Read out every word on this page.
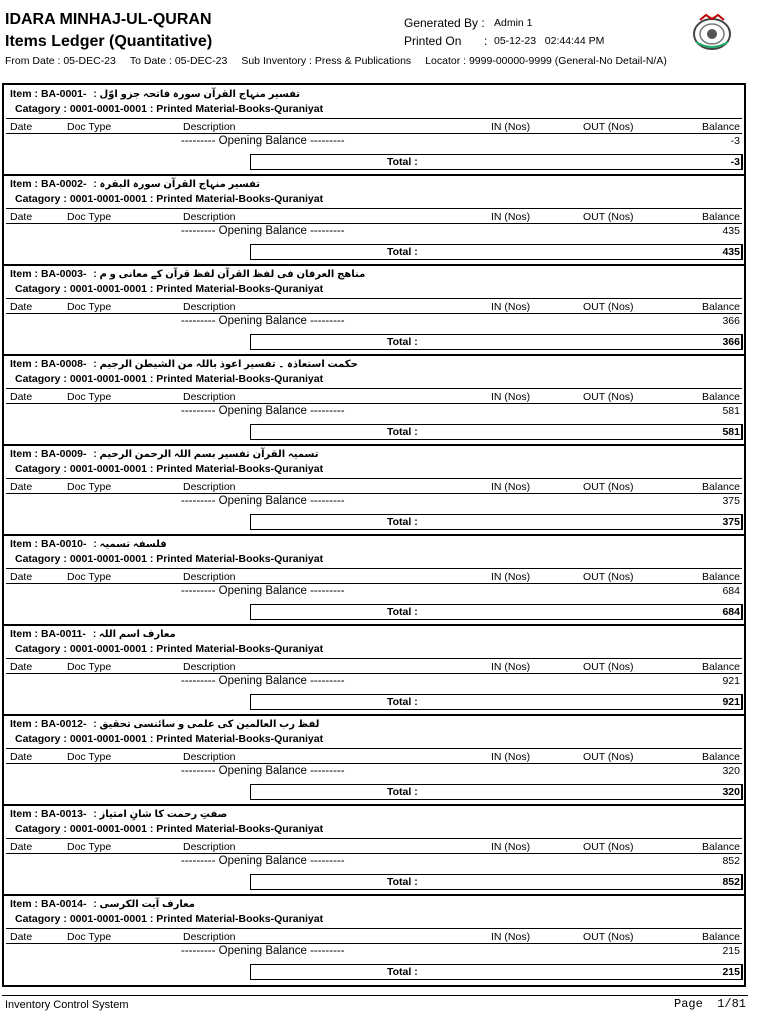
IDARA MINHAJ-UL-QURAN
Items Ledger (Quantitative)
Generated By : Admin 1
Printed On : 05-12-23   02:44:44 PM
From Date : 05-DEC-23 To Date : 05-DEC-23 Sub Inventory : Press & Publications Locator : 9999-00000-9999 (General-No Detail-N/A)
Item : BA-0001- تفسیر منہاج القرآن سورہ فاتحہ جزو اوّل :
Catagory : 0001-0001-0001 : Printed Material-Books-Quraniyat
Date	Doc Type	Description	IN (Nos)	OUT (Nos)	Balance
--------- Opening Balance ---------	-3
Total :	-3
Item : BA-0002- تفسیر منہاج القرآن سورہ البقرہ :
Catagory : 0001-0001-0001 : Printed Material-Books-Quraniyat
Date	Doc Type	Description	IN (Nos)	OUT (Nos)	Balance
--------- Opening Balance ---------	435
Total :	435
Item : BA-0003- مناھج العرفان فی لفظ القرآن لفظ قرآن کے معانی و م :
Catagory : 0001-0001-0001 : Printed Material-Books-Quraniyat
Date	Doc Type	Description	IN (Nos)	OUT (Nos)	Balance
--------- Opening Balance ---------	366
Total :	366
Item : BA-0008- حکمت استعاذہ ۔ تفسیر اعوذ باللہ من الشیطن الرجیم :
Catagory : 0001-0001-0001 : Printed Material-Books-Quraniyat
Date	Doc Type	Description	IN (Nos)	OUT (Nos)	Balance
--------- Opening Balance ---------	581
Total :	581
Item : BA-0009- تسمیہ القرآن تفسیر بسم اللہ الرحمن الرحیم :
Catagory : 0001-0001-0001 : Printed Material-Books-Quraniyat
Date	Doc Type	Description	IN (Nos)	OUT (Nos)	Balance
--------- Opening Balance ---------	375
Total :	375
Item : BA-0010- فلسفہ تسمیہ :
Catagory : 0001-0001-0001 : Printed Material-Books-Quraniyat
Date	Doc Type	Description	IN (Nos)	OUT (Nos)	Balance
--------- Opening Balance ---------	684
Total :	684
Item : BA-0011- معارف اسم اللہ :
Catagory : 0001-0001-0001 : Printed Material-Books-Quraniyat
Date	Doc Type	Description	IN (Nos)	OUT (Nos)	Balance
--------- Opening Balance ---------	921
Total :	921
Item : BA-0012- لفظ رب العالمین کی علمی و سائنسی تحقیق :
Catagory : 0001-0001-0001 : Printed Material-Books-Quraniyat
Date	Doc Type	Description	IN (Nos)	OUT (Nos)	Balance
--------- Opening Balance ---------	320
Total :	320
Item : BA-0013- صفتِ رحمت کا شانِ امتیاز :
Catagory : 0001-0001-0001 : Printed Material-Books-Quraniyat
Date	Doc Type	Description	IN (Nos)	OUT (Nos)	Balance
--------- Opening Balance ---------	852
Total :	852
Item : BA-0014- معارف آیت الکرسی :
Catagory : 0001-0001-0001 : Printed Material-Books-Quraniyat
Date	Doc Type	Description	IN (Nos)	OUT (Nos)	Balance
--------- Opening Balance ---------	215
Total :	215
Inventory Control System	Page  1/81
